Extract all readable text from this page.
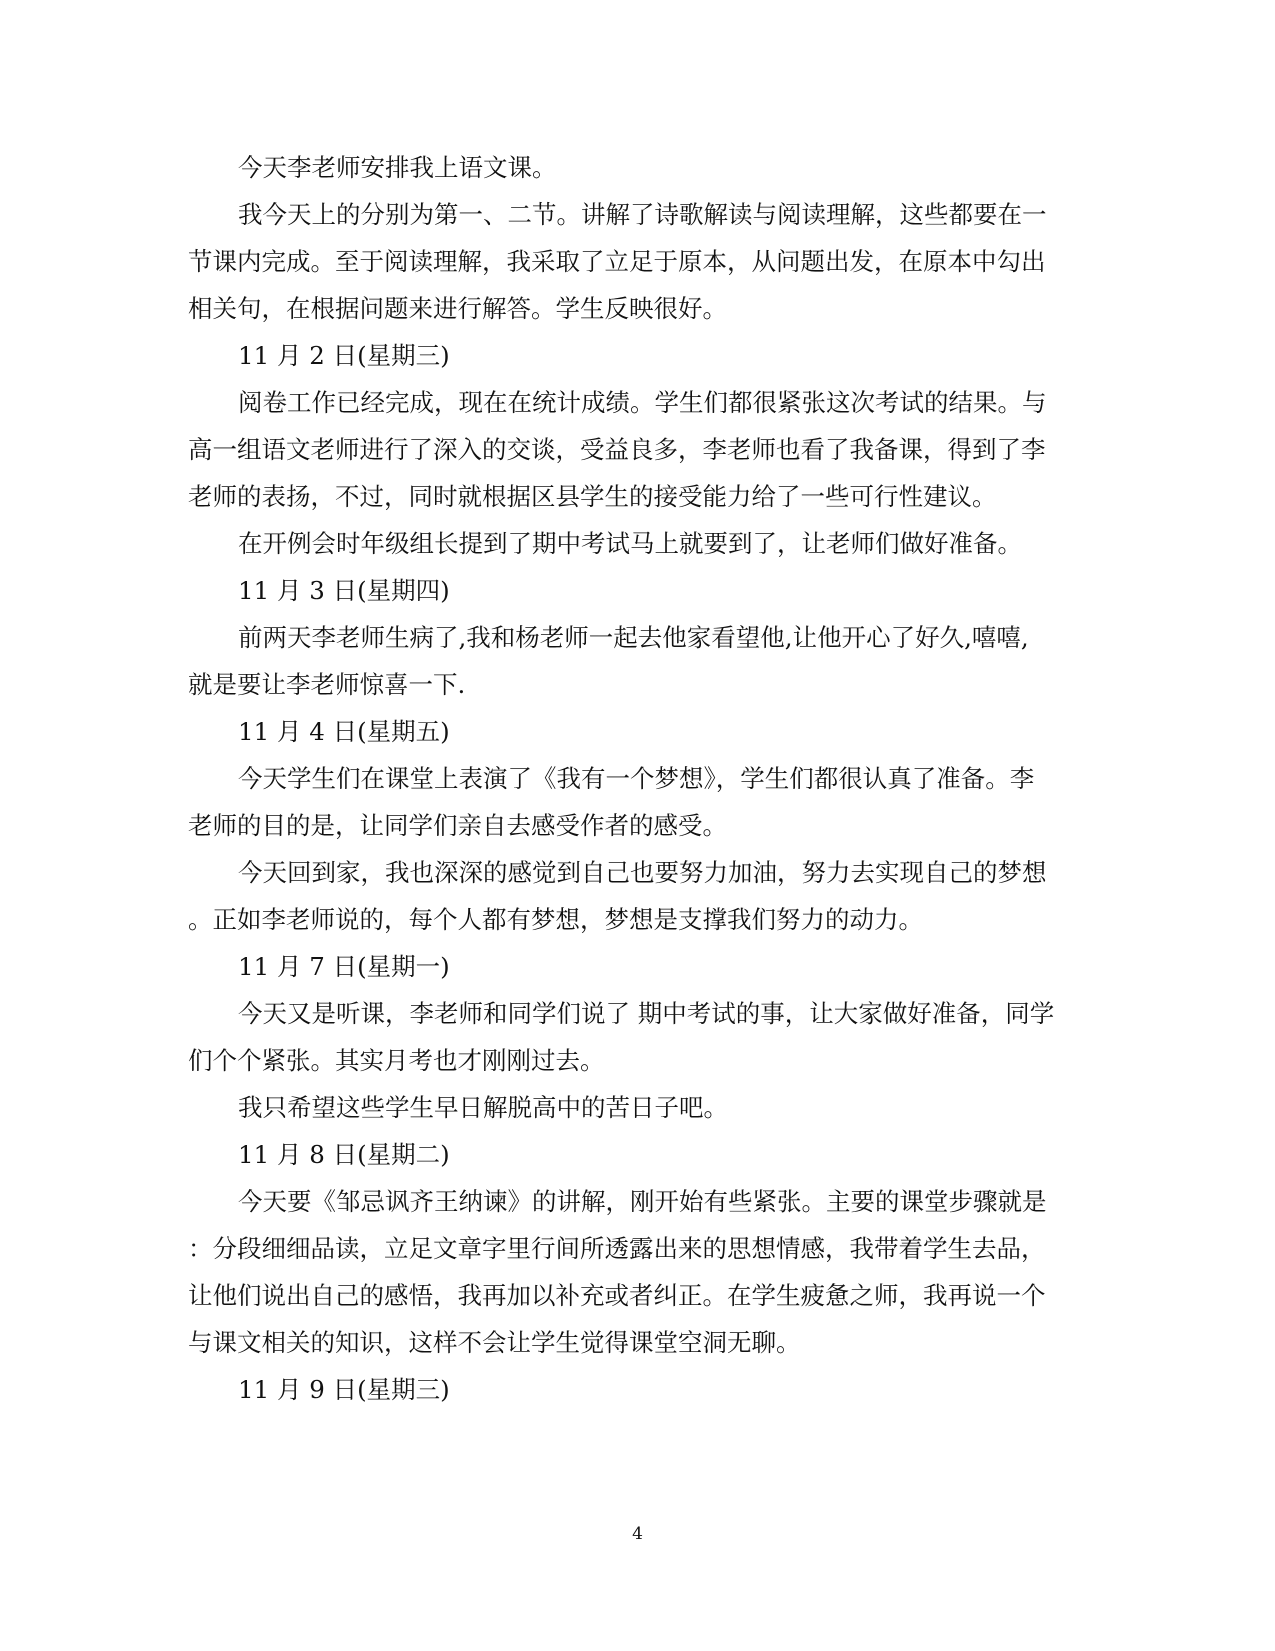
今天李老师安排我上语文课。
我今天上的分别为第一、二节。讲解了诗歌解读与阅读理解，这些都要在一
节课内完成。至于阅读理解，我采取了立足于原本，从问题出发，在原本中勾出
相关句，在根据问题来进行解答。学生反映很好。
11 月 2 日(星期三)
阅卷工作已经完成，现在在统计成绩。学生们都很紧张这次考试的结果。与
高一组语文老师进行了深入的交谈，受益良多，李老师也看了我备课，得到了李
老师的表扬，不过，同时就根据区县学生的接受能力给了一些可行性建议。
在开例会时年级组长提到了期中考试马上就要到了，让老师们做好准备。
11 月 3 日(星期四)
前两天李老师生病了,我和杨老师一起去他家看望他,让他开心了好久,嘻嘻,
就是要让李老师惊喜一下.
11 月 4 日(星期五)
今天学生们在课堂上表演了《我有一个梦想》，学生们都很认真了准备。李
老师的目的是，让同学们亲自去感受作者的感受。
今天回到家，我也深深的感觉到自己也要努力加油，努力去实现自己的梦想
。正如李老师说的，每个人都有梦想，梦想是支撑我们努力的动力。
11 月 7 日(星期一)
今天又是听课，李老师和同学们说了 期中考试的事，让大家做好准备，同学
们个个紧张。其实月考也才刚刚过去。
我只希望这些学生早日解脱高中的苦日子吧。
11 月 8 日(星期二)
今天要《邹忌讽齐王纳谏》的讲解，刚开始有些紧张。主要的课堂步骤就是
：分段细细品读，立足文章字里行间所透露出来的思想情感，我带着学生去品，
让他们说出自己的感悟，我再加以补充或者纠正。在学生疲惫之师，我再说一个
与课文相关的知识，这样不会让学生觉得课堂空洞无聊。
11 月 9 日(星期三)
4
